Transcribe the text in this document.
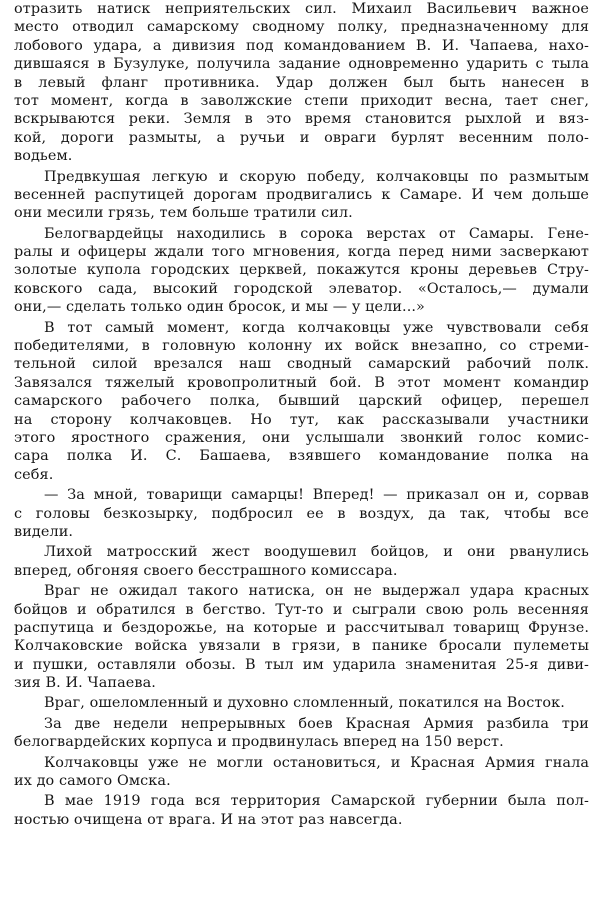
отразить натиск неприятельских сил. Михаил Васильевич важное
место отводил самарскому сводному полку, предназначенному для
лобового удара, а дивизия под командованием В. И. Чапаева, нахо-
дившаяся в Бузулуке, получила задание одновременно ударить с тыла
в левый фланг противника. Удар должен был быть нанесен в
тот момент, когда в заволжские степи приходит весна, тает снег,
вскрываются реки. Земля в это время становится рыхлой и вяз-
кой, дороги размыты, а ручьи и овраги бурлят весенним поло-
водьем.
Предвкушая легкую и скорую победу, колчаковцы по размытым
весенней распутицей дорогам продвигались к Самаре. И чем дольше
они месили грязь, тем больше тратили сил.
Белогвардейцы находились в сорока верстах от Самары. Генe-
ралы и офицеры ждали того мгновения, когда перед ними засверкают
золотые купола городских церквей, покажутся кроны деревьев Стру-
ковского сада, высокий городской элеватор. «Осталось,— думали
они,— сделать только один бросок, и мы — у цели...»
В тот самый момент, когда колчаковцы уже чувствовали себя
победителями, в головную колонну их войск внезапно, со стреми-
тельной силой врезался наш сводный самарский рабочий полк.
Завязался тяжелый кровопролитный бой. В этот момент командир
самарского рабочего полка, бывший царский офицер, перешел
на сторону колчаковцев. Но тут, как рассказывали участники
этого яростного сражения, они услышали звонкий голос комис-
сара полка И. С. Башаева, взявшего командование полка на
себя.
— За мной, товарищи самарцы! Вперед! — приказал он и, сорвав
с головы безкозырку, подбросил ее в воздух, да так, чтобы все
видели.
Лихой матросский жест воодушевил бойцов, и они рванулись
вперед, обгоняя своего бесстрашного комиссара.
Враг не ожидал такого натиска, он не выдержал удара красных
бойцов и обратился в бегство. Тут-то и сыграли свою роль весенняя
распутица и бездорожье, на которые и рассчитывал товарищ Фрунзе.
Колчаковские войска увязали в грязи, в панике бросали пулеметы
и пушки, оставляли обозы. В тыл им ударила знаменитая 25-я диви-
зия В. И. Чапаева.
Враг, ошеломленный и духовно сломленный, покатился на Восток.
За две недели непрерывных боев Красная Армия разбила три
белогвардейских корпуса и продвинулась вперед на 150 верст.
Колчаковцы уже не могли остановиться, и Красная Армия гнала
их до самого Омска.
В мае 1919 года вся территория Самарской губернии была пол-
ностью очищена от врага. И на этот раз навсегда.
